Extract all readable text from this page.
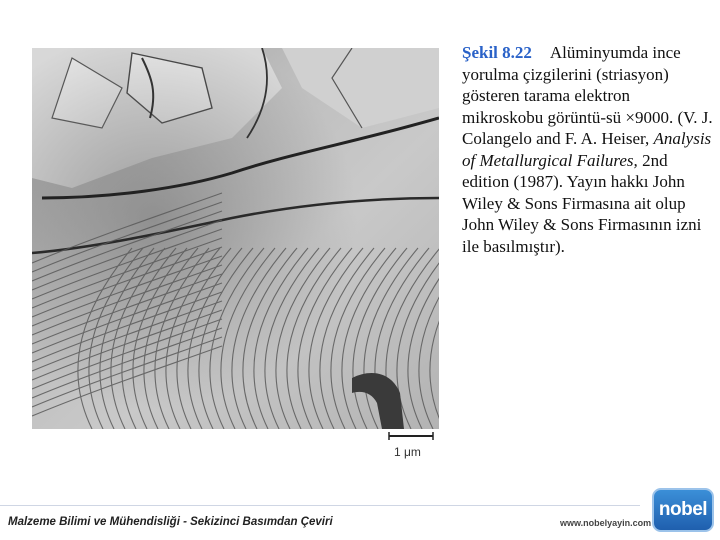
1 μm
Şekil 8.22 Alüminyumda ince yorulma çizgilerini (striasyon) gösteren tarama elektron mikroskobu görüntü-sü ×9000. (V. J. Colangelo and F. A. Heiser, Analysis of Metallurgical Failures, 2nd edition (1987). Yayın hakkı John Wiley & Sons Firmasına ait olup John Wiley & Sons Firmasının izni ile basılmıştır).
Malzeme Bilimi ve Mühendisliği - Sekizinci Basımdan Çeviri	www.nobelyayin.com
nobel
